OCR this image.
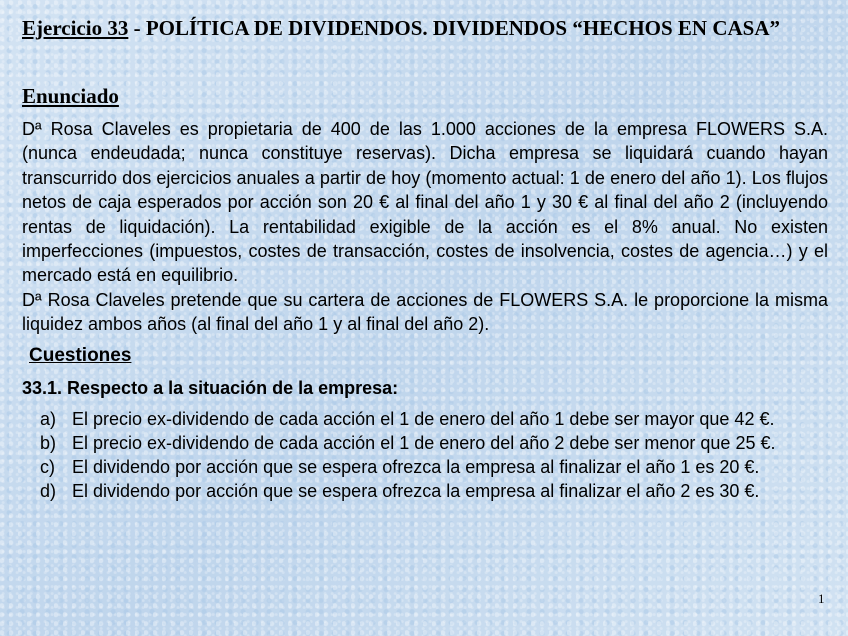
Ejercicio 33 - POLÍTICA DE DIVIDENDOS. DIVIDENDOS “HECHOS EN CASA”
Enunciado

Dª Rosa Claveles es propietaria de 400 de las 1.000 acciones de la empresa FLOWERS S.A. (nunca endeudada; nunca constituye reservas). Dicha empresa se liquidará cuando hayan transcurrido dos ejercicios anuales a partir de hoy (momento actual: 1 de enero del año 1). Los flujos netos de caja esperados por acción son 20 € al final del año 1 y 30 € al final del año 2 (incluyendo rentas de liquidación). La rentabilidad exigible de la acción es el 8% anual. No existen imperfecciones (impuestos, costes de transacción, costes de insolvencia, costes de agencia…) y el mercado está en equilibrio.

Dª Rosa Claveles pretende que su cartera de acciones de FLOWERS S.A. le proporcione la misma liquidez ambos años (al final del año 1 y al final del año 2).

Cuestiones
33.1. Respecto a la situación de la empresa:
a) El precio ex-dividendo de cada acción el 1 de enero del año 1 debe ser mayor que 42 €.
b) El precio ex-dividendo de cada acción el 1 de enero del año 2 debe ser menor que 25 €.
c) El dividendo por acción que se espera ofrezca la empresa al finalizar el año 1 es 20 €.
d) El dividendo por acción que se espera ofrezca la empresa al finalizar el año 2 es 30 €.
1
